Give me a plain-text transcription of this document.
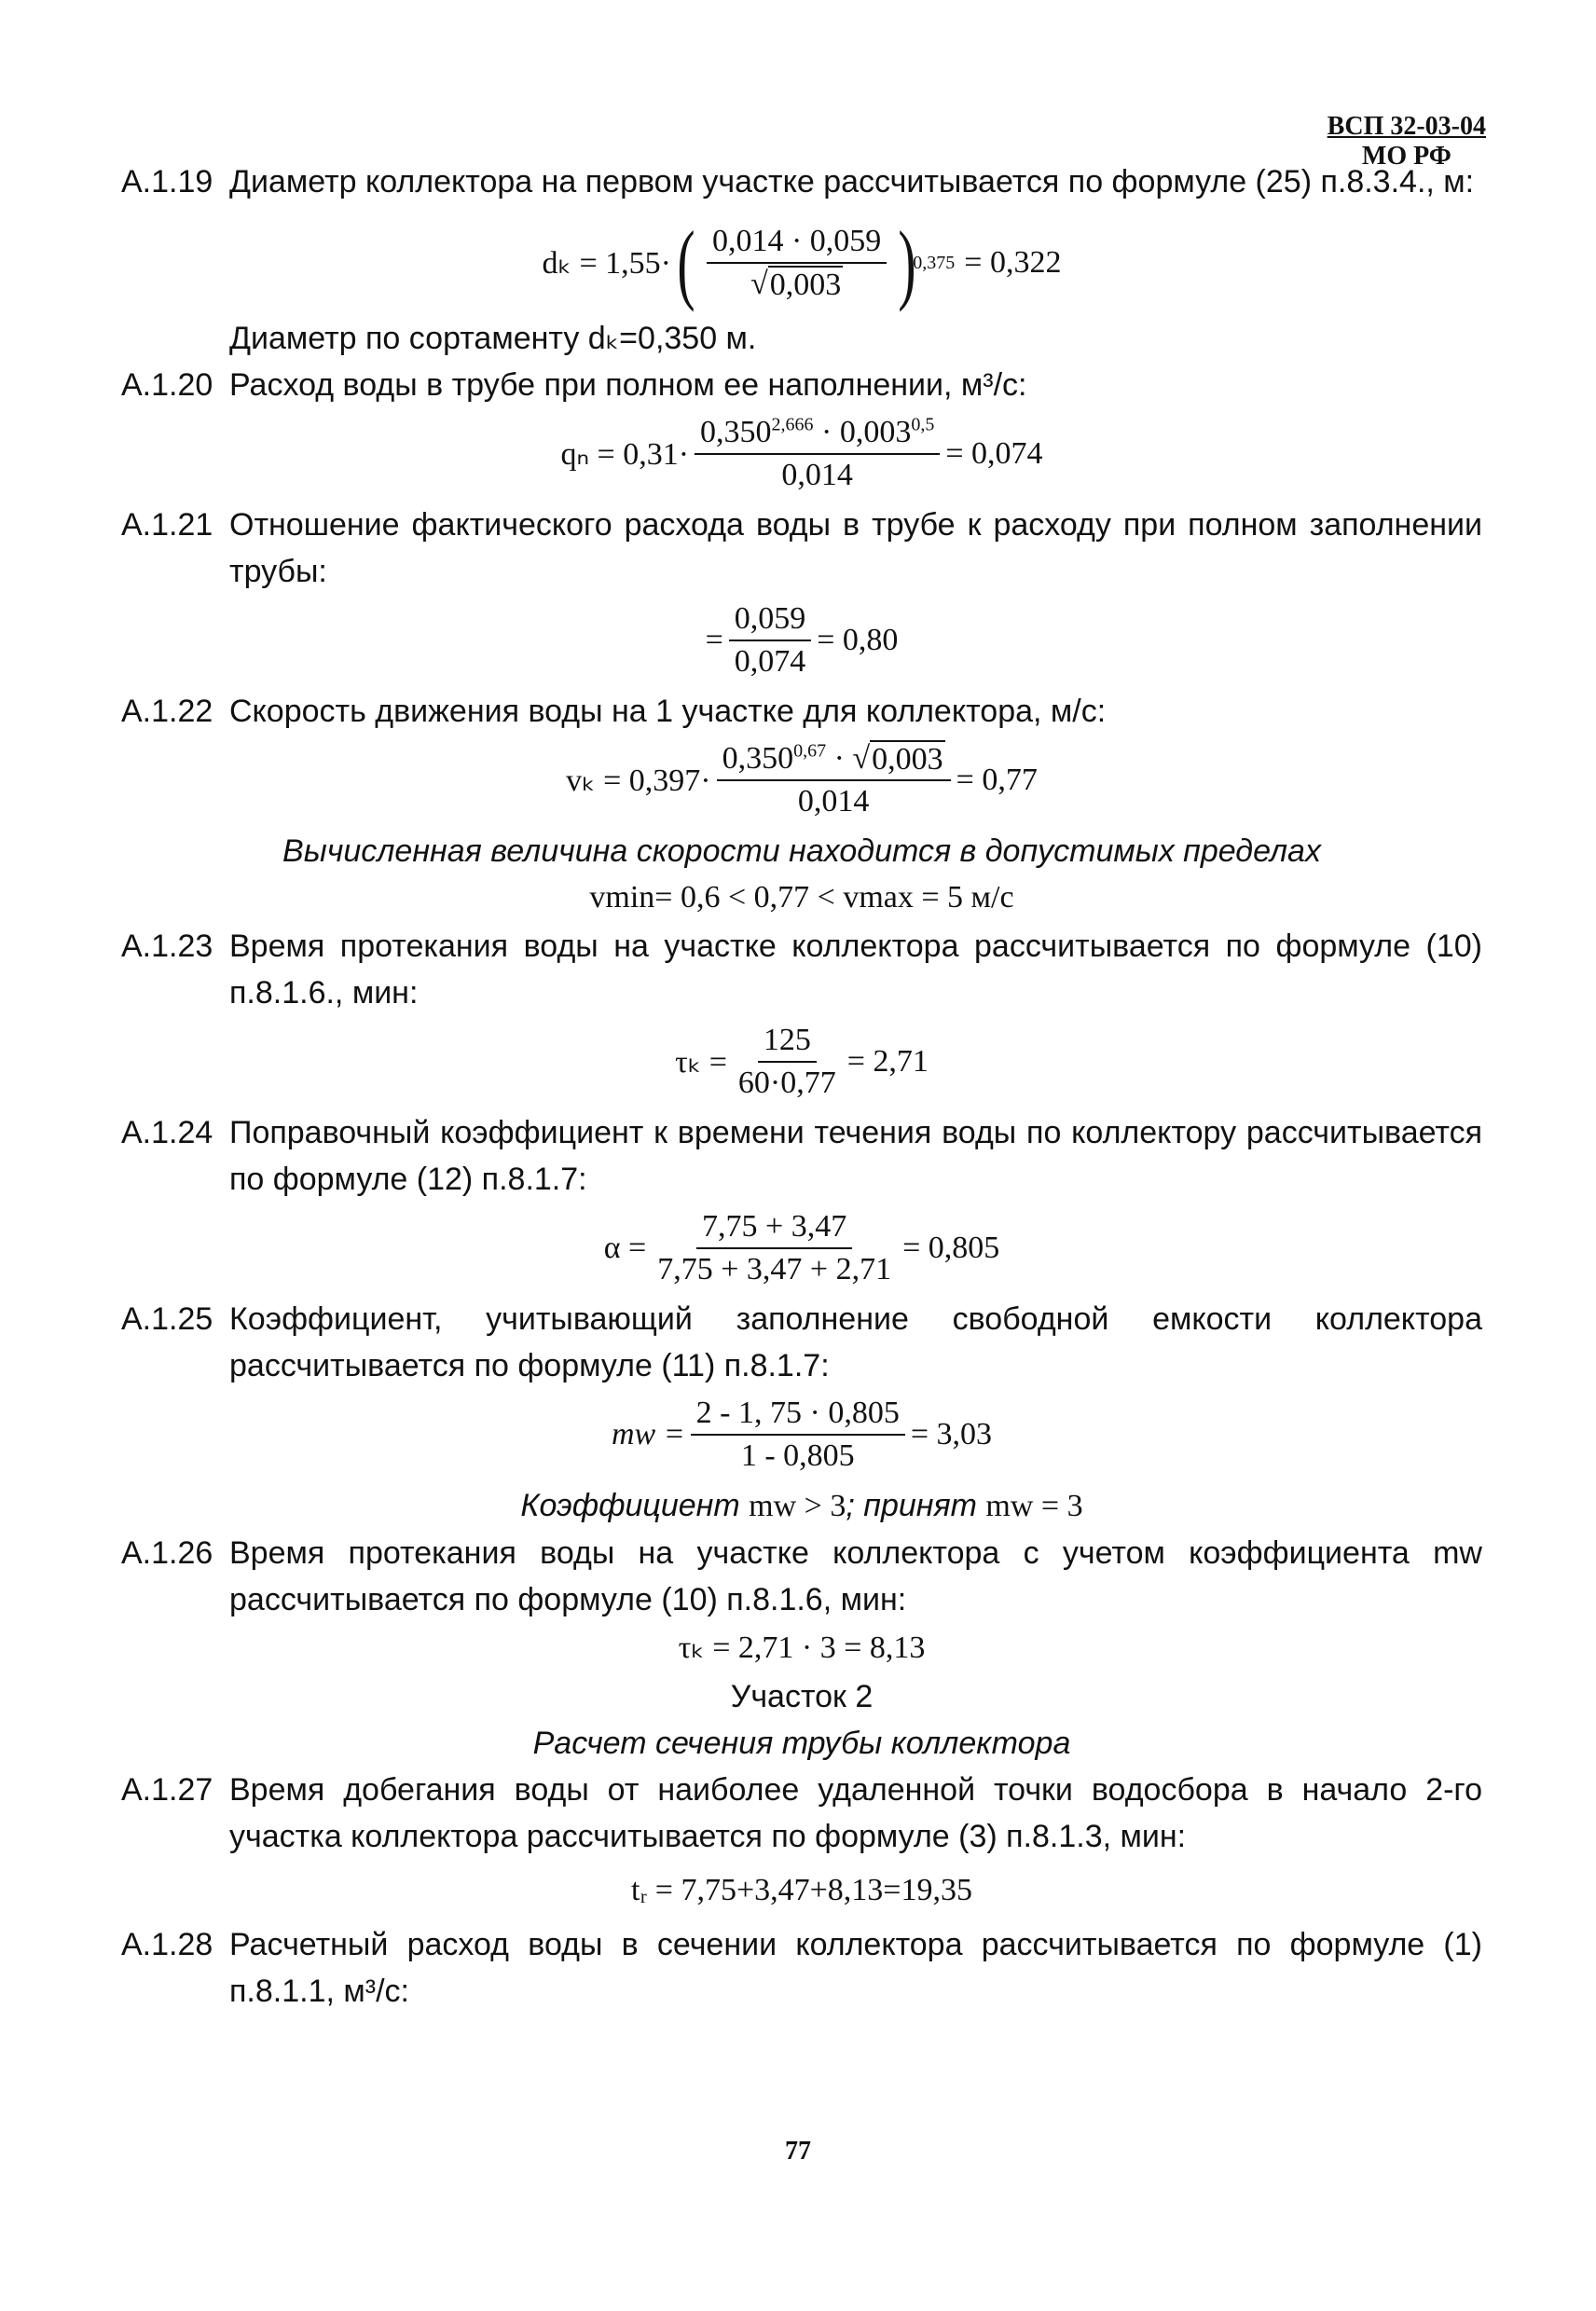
ВСП 32-03-04
МО РФ
А.1.19 Диаметр коллектора на первом участке рассчитывается по формуле (25) п.8.3.4., м:
dₖ = 1,55· ( $\frac{0,014 \cdot 0,059}{√ 0,003}$ )
0,375 = 0,322
Диаметр по сортаменту dₖ=0,350 м.
А.1.20 Расход воды в трубе при полном ее наполнении, м³/с:
$q_n = 0,31\cdot \frac{0,350^{2,666} \cdot 0,003^{0,5}}{0,014} = 0,074$
А.1.21 Отношение фактического расхода воды в трубе к расходу при полном заполнении трубы:
= $\frac{0,059}{0,074} = 0,80$
А.1.22 Скорость движения воды на 1 участке для коллектора, м/с:
$v_k = 0,397\cdot \frac{0,350^{0,67} \cdot √ 0,003}{0,014} = 0,77$
Вычисленная величина скорости находится в допустимых пределах
vmin= 0,6 < 0,77 < vmax = 5 м/с
А.1.23 Время протекания воды на участке коллектора рассчитывается по формуле (10) п.8.1.6., мин:
$\tau_k = \frac{125}{60\cdot 0,77} = 2,71$
А.1.24 Поправочный коэффициент к времени течения воды по коллектору рассчитывается по формуле (12) п.8.1.7:
$\alpha = \frac{7,75 + 3,47}{7,75 + 3,47 + 2,71} = 0,805$
А.1.25 Коэффициент, учитывающий заполнение свободной емкости коллектора рассчитывается по формуле (11) п.8.1.7:
mw = $\frac{2 - 1, 75 \cdot 0,805}{1 - 0,805} = 3,03$
Коэффициент mw > 3; принят mw = 3
А.1.26 Время протекания воды на участке коллектора с учетом коэффициента mw рассчитывается по формуле (10) п.8.1.6, мин:
τₖ = 2,71 · 3 = 8,13
Участок 2
Расчет сечения трубы коллектора
А.1.27 Время добегания воды от наиболее удаленной точки водосбора в начало 2-го участка коллектора рассчитывается по формуле (3) п.8.1.3, мин:
tᵣ = 7,75+3,47+8,13=19,35
А.1.28 Расчетный расход воды в сечении коллектора рассчитывается по формуле (1) п.8.1.1, м³/с:
77
